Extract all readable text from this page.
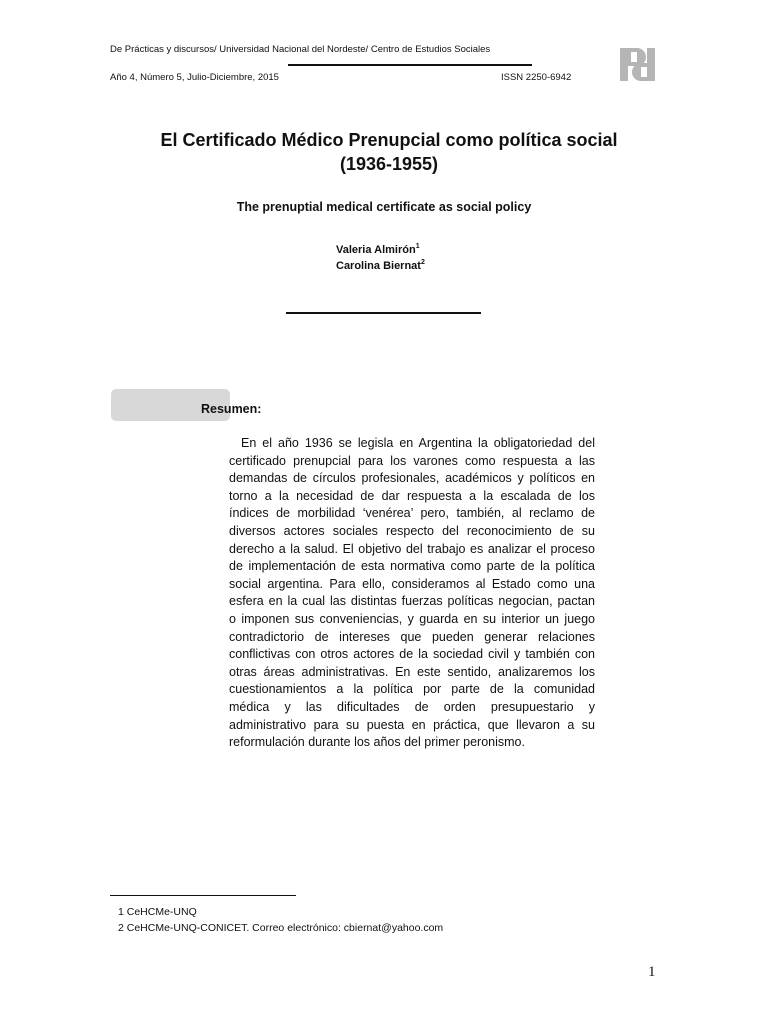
De Prácticas y discursos/ Universidad Nacional del Nordeste/ Centro de Estudios Sociales
Año 4, Número 5, Julio-Diciembre, 2015	ISSN 2250-6942
El Certificado Médico Prenupcial como política social
(1936-1955)
The prenuptial medical certificate as social policy
Valeria Almirón$^1$
Carolina Biernat$^2$
Resumen:
En el año 1936 se legisla en Argentina la obligatoriedad del
certificado prenupcial para los varones como respuesta a las
demandas de círculos profesionales, académicos y políticos en
torno a la necesidad de dar respuesta a la escalada de los
índices de morbilidad ‘venérea’ pero, también, al reclamo de
diversos actores sociales respecto del reconocimiento de su
derecho a la salud. El objetivo del trabajo es analizar el proceso
de implementación de esta normativa como parte de la política
social argentina. Para ello, consideramos al Estado como una
esfera en la cual las distintas fuerzas políticas negocian, pactan
o imponen sus conveniencias, y guarda en su interior un juego
contradictorio de intereses que pueden generar relaciones
conflictivas con otros actores de la sociedad civil y también con
otras áreas administrativas. En este sentido, analizaremos los
cuestionamientos a la política por parte de la comunidad
médica y las dificultades de orden presupuestario y
administrativo para su puesta en práctica, que llevaron a su
reformulación durante los años del primer peronismo.
1 CeHCMe-UNQ
2 CeHCMe-UNQ-CONICET. Correo electrónico: cbiernat@yahoo.com
1
